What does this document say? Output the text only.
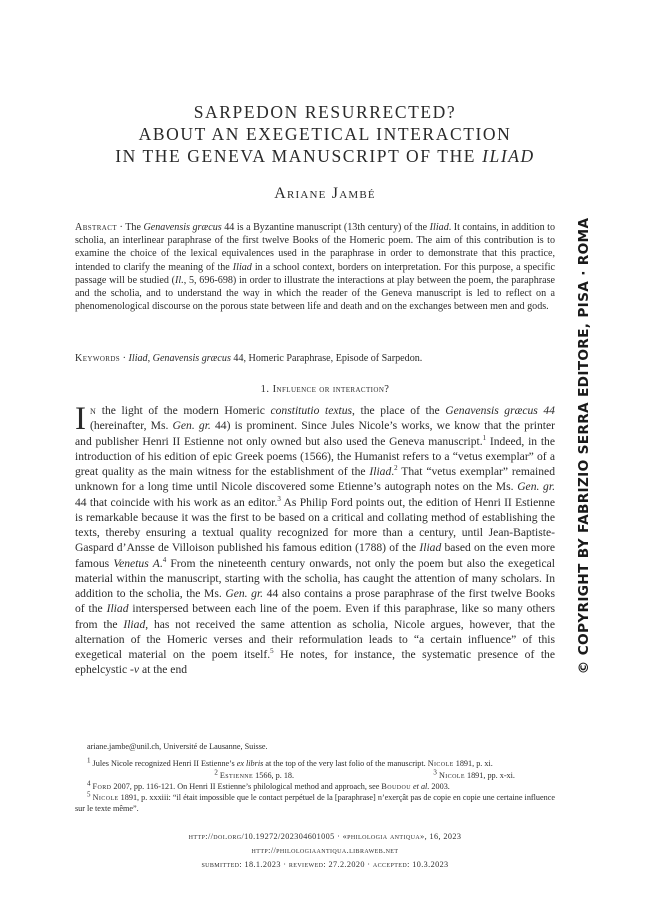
SARPEDON RESURRECTED?
ABOUT AN EXEGETICAL INTERACTION
IN THE GENEVA MANUSCRIPT OF THE ILIAD
Ariane Jambé
Abstract · The Genavensis græcus 44 is a Byzantine manuscript (13th century) of the Iliad. It contains, in addition to scholia, an interlinear paraphrase of the first twelve Books of the Homeric poem. The aim of this contribution is to examine the choice of the lexical equivalences used in the paraphrase in order to demonstrate that this practice, intended to clarify the meaning of the Iliad in a school context, borders on interpretation. For this purpose, a specific passage will be studied (Il., 5, 696-698) in order to illustrate the interactions at play between the poem, the paraphrase and the scholia, and to understand the way in which the reader of the Geneva manuscript is led to reflect on a phenomenological discourse on the porous state between life and death and on the exchanges between men and gods.
Keywords · Iliad, Genavensis græcus 44, Homeric Paraphrase, Episode of Sarpedon.
1. Influence or interaction?
In the light of the modern Homeric constitutio textus, the place of the Genavensis græcus 44 (hereinafter, Ms. Gen. gr. 44) is prominent. Since Jules Nicole’s works, we know that the printer and publisher Henri II Estienne not only owned but also used the Geneva manuscript.$^1$ Indeed, in the introduction of his edition of epic Greek poems (1566), the Humanist refers to a “vetus exemplar” of a great quality as the main witness for the establishment of the Iliad.$^2$ That “vetus exemplar” remained unknown for a long time until Nicole discovered some Etienne’s autograph notes on the Ms. Gen. gr. 44 that coincide with his work as an editor.$^3$ As Philip Ford points out, the edition of Henri II Estienne is remarkable because it was the first to be based on a critical and collating method of establishing the texts, thereby ensuring a textual quality recognized for more than a century, until Jean-Baptiste-Gaspard d’Ansse de Villoison published his famous edition (1788) of the Iliad based on the even more famous Venetus A.$^4$ From the nineteenth century onwards, not only the poem but also the exegetical material within the manuscript, starting with the scholia, has caught the attention of many scholars. In addition to the scholia, the Ms. Gen. gr. 44 also contains a prose paraphrase of the first twelve Books of the Iliad interspersed between each line of the poem. Even if this paraphrase, like so many others from the Iliad, has not received the same attention as scholia, Nicole argues, however, that the alternation of the Homeric verses and their reformulation leads to “a certain influence” of this exegetical material on the poem itself.$^5$ He notes, for instance, the systematic presence of the ephelcystic -ν at the end
ariane.jambe@unil.ch, Université de Lausanne, Suisse.
$^1$ Jules Nicole recognized Henri II Estienne’s ex libris at the top of the very last folio of the manuscript. Nicole 1891, p. xi.
$^2$ Estienne 1566, p. 18.	$^3$ Nicole 1891, pp. x-xi.
$^4$ Ford 2007, pp. 116-121. On Henri II Estienne’s philological method and approach, see Boudou et al. 2003.
$^5$ Nicole 1891, p. xxxiii: “il était impossible que le contact perpétuel de la [paraphrase] n’exerçât pas de copie en copie une certaine influence sur le texte même”.
http://doi.org/10.19272/202304601005 · «philologia antiqua», 16, 2023
http://philologiaantiqua.libraweb.net
submitted: 18.1.2023 · reviewed: 27.2.2020 · accepted: 10.3.2023
© COPYRIGHT BY FABRIZIO SERRA EDITORE, PISA · ROMA
